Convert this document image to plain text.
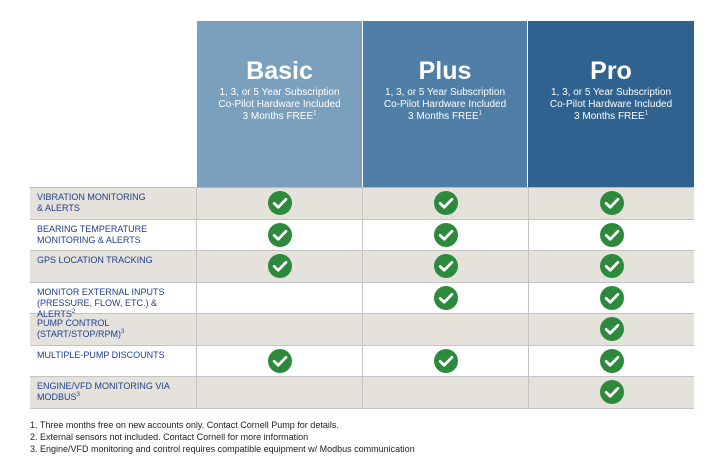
Basic
1, 3, or 5 Year Subscription
Co-Pilot Hardware Included
3 Months FREE$^1$
Plus
1, 3, or 5 Year Subscription
Co-Pilot Hardware Included
3 Months FREE$^1$
Pro
1, 3, or 5 Year Subscription
Co-Pilot Hardware Included
3 Months FREE$^1$
VIBRATION MONITORING
& ALERTS
BEARING TEMPERATURE
MONITORING & ALERTS
GPS LOCATION TRACKING
MONITOR EXTERNAL INPUTS
(PRESSURE, FLOW, ETC.) & ALERTS$^2$
PUMP CONTROL
(START/STOP/RPM)$^3$
MULTIPLE-PUMP DISCOUNTS
ENGINE/VFD MONITORING VIA
MODBUS$^3$
1. Three months free on new accounts only. Contact Cornell Pump for details.
2. External sensors not included. Contact Cornell for more information
3. Engine/VFD monitoring and control requires compatible equipment w/ Modbus communication
